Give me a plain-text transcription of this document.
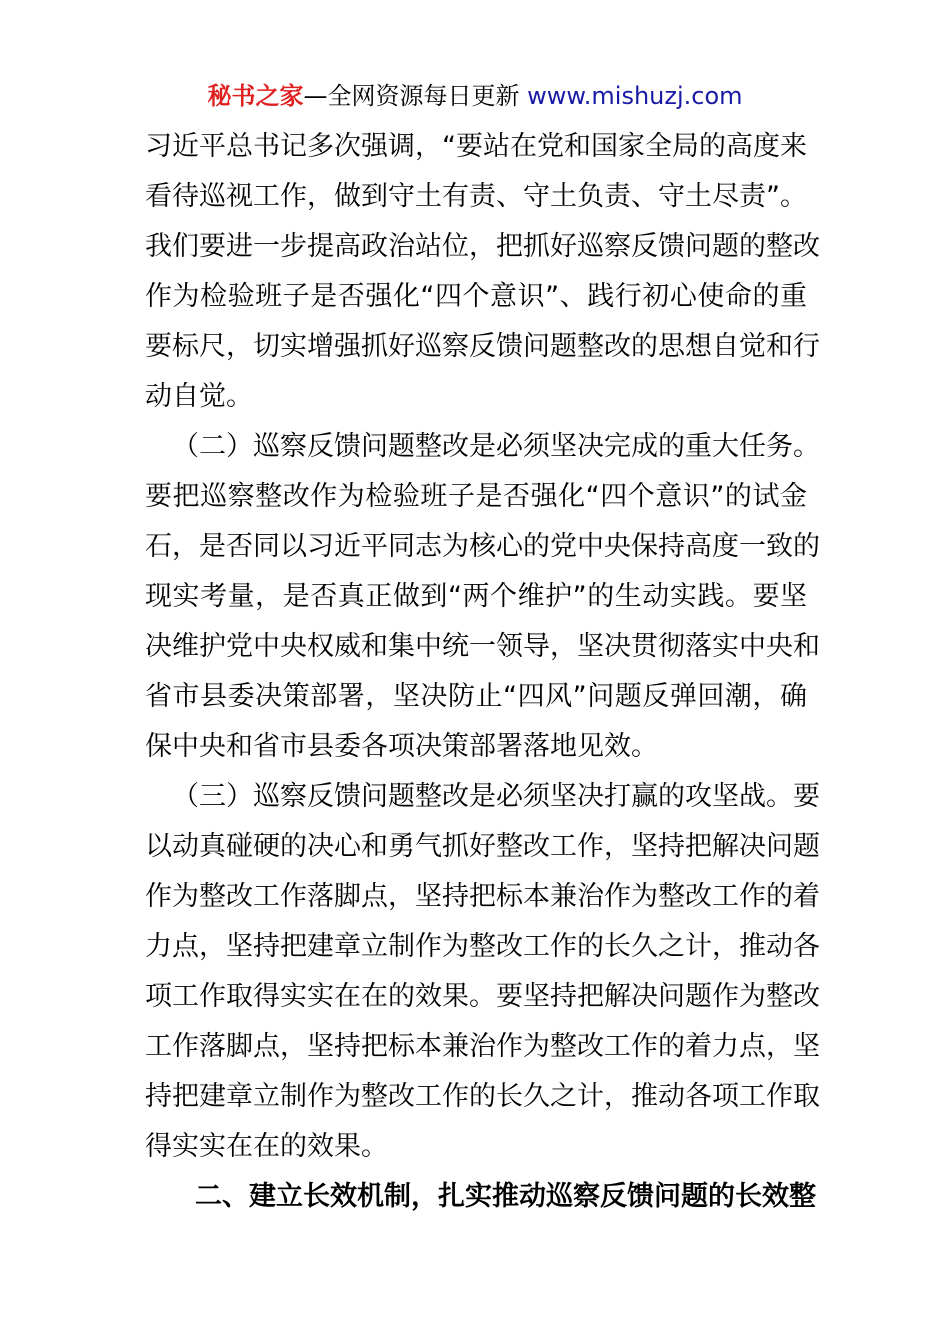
秘书之家—全网资源每日更新 www.mishuzj.com
习近平总书记多次强调，“要站在党和国家全局的高度来
看待巡视工作，做到守土有责、守土负责、守土尽责”。
我们要进一步提高政治站位，把抓好巡察反馈问题的整改
作为检验班子是否强化“四个意识”、践行初心使命的重
要标尺，切实增强抓好巡察反馈问题整改的思想自觉和行
动自觉。
（二）巡察反馈问题整改是必须坚决完成的重大任务。
要把巡察整改作为检验班子是否强化“四个意识”的试金
石，是否同以习近平同志为核心的党中央保持高度一致的
现实考量，是否真正做到“两个维护”的生动实践。要坚
决维护党中央权威和集中统一领导，坚决贯彻落实中央和
省市县委决策部署，坚决防止“四风”问题反弹回潮，确
保中央和省市县委各项决策部署落地见效。
（三）巡察反馈问题整改是必须坚决打赢的攻坚战。要
以动真碰硬的决心和勇气抓好整改工作，坚持把解决问题
作为整改工作落脚点，坚持把标本兼治作为整改工作的着
力点，坚持把建章立制作为整改工作的长久之计，推动各
项工作取得实实在在的效果。要坚持把解决问题作为整改
工作落脚点，坚持把标本兼治作为整改工作的着力点，坚
持把建章立制作为整改工作的长久之计，推动各项工作取
得实实在在的效果。
二、建立长效机制，扎实推动巡察反馈问题的长效整
